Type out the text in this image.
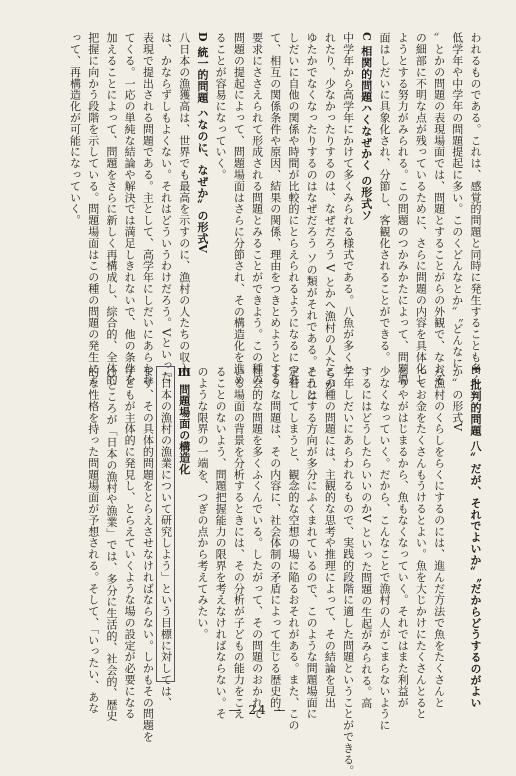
われるものである。これは、感覚的問題と同時に発生することも多く
低学年や中学年の問題提起に多い。このくどんなとか〟〝どんなに
〟とかの問題の表現場面では、問題とすることがらの外観で、なおそ
の細部に不明な点が残っているために、さらに問題の内容を具体化し
ようとする努力がみられる。この問題のつかみかたによって、問題場
面はしだいに具象化され、分節し、客観化されることができる。
C 相関的問題ハくなぜかく の形式ソ
中学年から高学年にかけて多くみられる様式である。八魚が多くと
れたり、少なかったりするのは、なぜだろう V とかへ漁村の人たちが
ゆたかでなくなったりするのはなぜだろう ソの類がそれである。これは
しだいに自他の関係や時間が比較的にとらえられるようになるにつれ
て、相互の関係条件や原因、結果の関係、理由をつきとめようとする
要求にささえられて形成される問題とみることができよう。この種の
問題の提起によって、問題場面はさらに分節され、その構造化を進め
ることが容易になっていく。
D 統一的問題 ハなのに、なぜか〟の形式V
八日本の漁獲高は、世界でも最高を示すのに、漁村の人たちの収入
は、かならずしもよくない。それはどういうわけだろう。Vといった
表現で提出される問題である。主として、高学年にしだいにあらわれ
てくる。一応の単純な結論や解決では満足しきれないで、他の条件を
加えることによって、問題をさらに新しく再構成し、綜合的、全体的
把握に向かう段階を示している。問題場面はこの種の問題の発生によ
って、再構造化が可能になっていく。
E 批判的問題 八〟だが、それでよいか〟〝だからどうするのがよい
か〟の形式V
八漁村のくらしをらくにするのには、進んだ方法で魚をたくさんと
ってお金をたくさんもうけるとよい。魚を大じかけにたくさんとると
とりやがはじまるから、魚もなくなっていく。それではまた利益が
少なくなっていく。だから、こんなことで漁村の人がこまらないように
するにはどうしたらいいのかV といった問題の生起がみられる。高
学年しだいにあらわれるもので、実践的段階に適した問題ということができる。
この種の問題には、主観的な思考や推理によって、その結論を見出
そうとする方向が多分にふくまれているので、このような問題場面に
定着してしまうと、観念的な空想の場に陥るおそれがある。また、この
ような問題は、その内容に、社会体制の矛盾によって生じる歴史的、
社会的な問題を多くふくんでいる。したがって、その問題のおかれて
いる場面の背景を分析するときには、その分析が子どもの能力をこえ
ることのないよう、問題把握能力の限界を考えなければならない。そ
のような限界の一端を、つぎの点から考えてみたい。
Ⅲ 問題場面の構造化
「日本の漁村の漁業について研究しよう」という目標に対しては、
まず、その具体的問題をとらえさせなければならない。しかもその問題を
子どもが主体的に発見し、とらえていくような場の設定が必要になる
○ところが「日本の漁村や漁業」では、多分に生活的、社会的、歴史
的な性格を持った問題場面が予想される。そして、「いったい、あな	— 24 —
